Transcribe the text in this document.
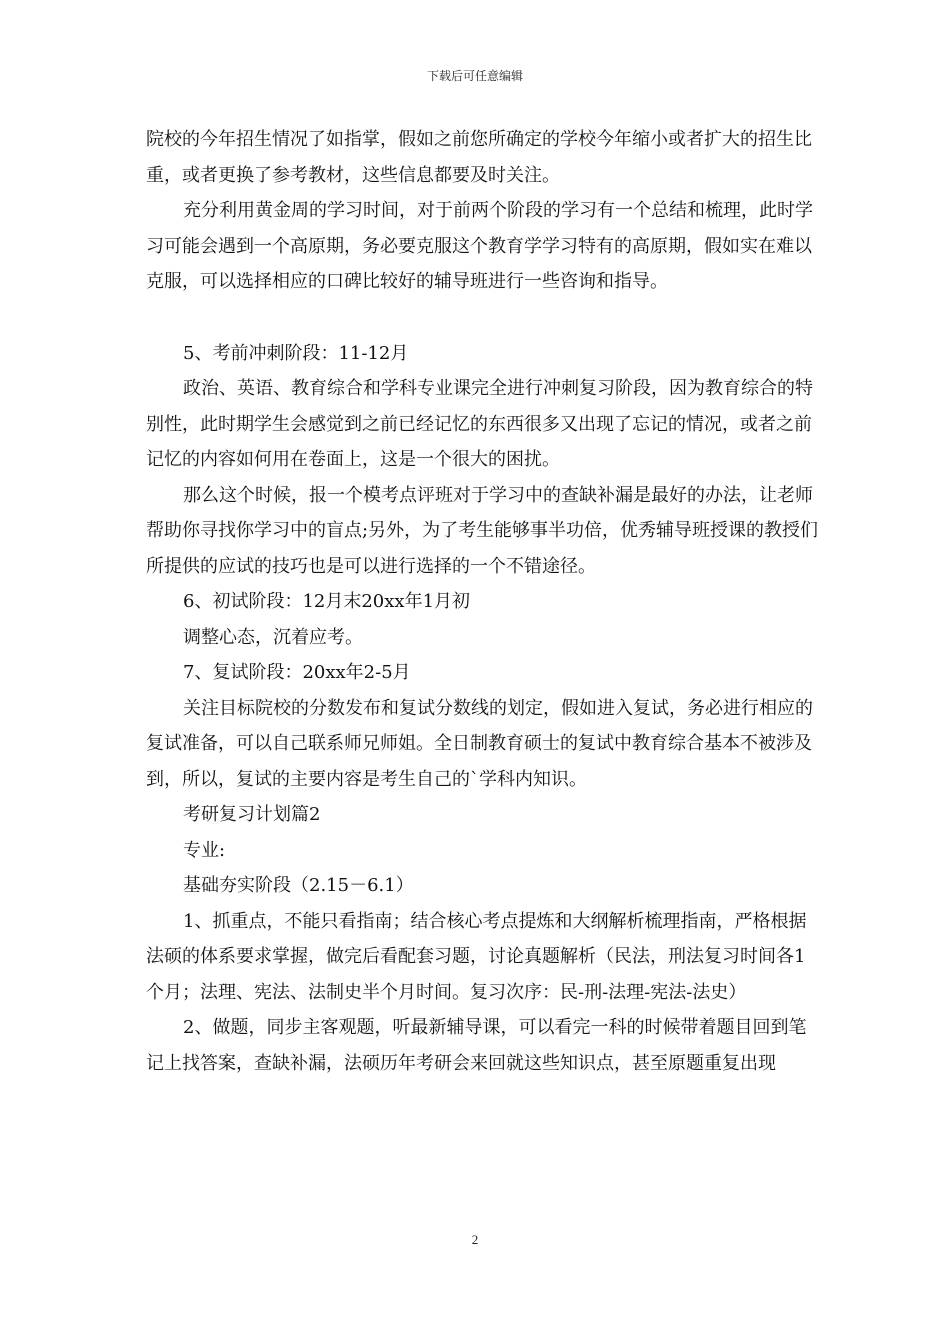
下载后可任意编辑

院校的今年招生情况了如指掌，假如之前您所确定的学校今年缩小或者扩大的招生比重，或者更换了参考教材，这些信息都要及时关注。

充分利用黄金周的学习时间，对于前两个阶段的学习有一个总结和梳理，此时学习可能会遇到一个高原期，务必要克服这个教育学学习特有的高原期，假如实在难以克服，可以选择相应的口碑比较好的辅导班进行一些咨询和指导。

5、考前冲刺阶段：11-12月

政治、英语、教育综合和学科专业课完全进行冲刺复习阶段，因为教育综合的特别性，此时期学生会感觉到之前已经记忆的东西很多又出现了忘记的情况，或者之前记忆的内容如何用在卷面上，这是一个很大的困扰。

那么这个时候，报一个模考点评班对于学习中的查缺补漏是最好的办法，让老师帮助你寻找你学习中的盲点;另外，为了考生能够事半功倍，优秀辅导班授课的教授们所提供的应试的技巧也是可以进行选择的一个不错途径。

6、初试阶段：12月末20xx年1月初

调整心态，沉着应考。

7、复试阶段：20xx年2-5月

关注目标院校的分数发布和复试分数线的划定，假如进入复试，务必进行相应的复试准备，可以自己联系师兄师姐。全日制教育硕士的复试中教育综合基本不被涉及到，所以，复试的主要内容是考生自己的`学科内知识。

考研复习计划篇2

专业:

基础夯实阶段（2.15－6.1）

1、抓重点，不能只看指南；结合核心考点提炼和大纲解析梳理指南，严格根据法硕的体系要求掌握，做完后看配套习题，讨论真题解析（民法，刑法复习时间各1个月；法理、宪法、法制史半个月时间。复习次序：民-刑-法理-宪法-法史）

2、做题，同步主客观题，听最新辅导课，可以看完一科的时候带着题目回到笔记上找答案，查缺补漏，法硕历年考研会来回就这些知识点，甚至原题重复出现

2
